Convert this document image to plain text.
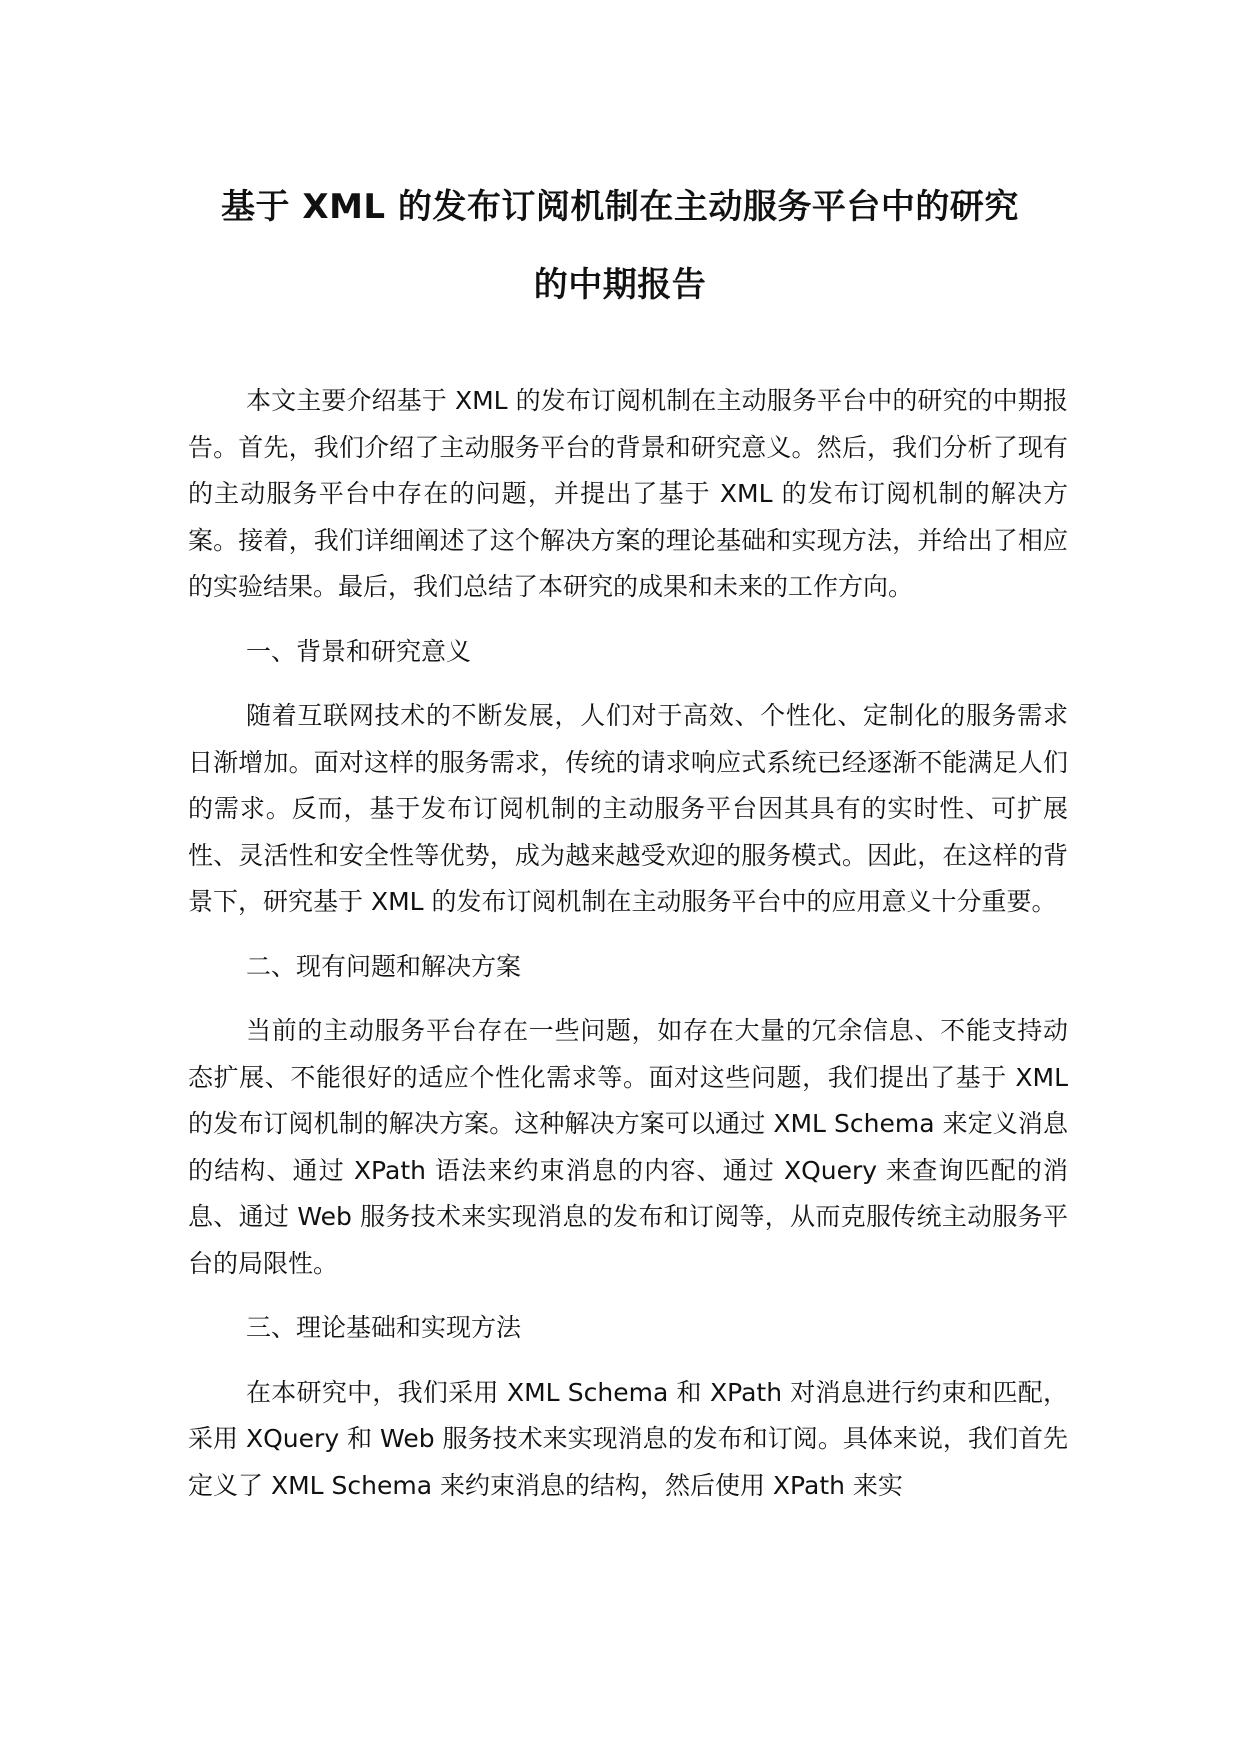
基于 XML 的发布订阅机制在主动服务平台中的研究
的中期报告

本文主要介绍基于 XML 的发布订阅机制在主动服务平台中的研究的中期报告。首先，我们介绍了主动服务平台的背景和研究意义。然后，我们分析了现有的主动服务平台中存在的问题，并提出了基于 XML 的发布订阅机制的解决方案。接着，我们详细阐述了这个解决方案的理论基础和实现方法，并给出了相应的实验结果。最后，我们总结了本研究的成果和未来的工作方向。

一、背景和研究意义

随着互联网技术的不断发展，人们对于高效、个性化、定制化的服务需求日渐增加。面对这样的服务需求，传统的请求响应式系统已经逐渐不能满足人们的需求。反而，基于发布订阅机制的主动服务平台因其具有的实时性、可扩展性、灵活性和安全性等优势，成为越来越受欢迎的服务模式。因此，在这样的背景下，研究基于 XML 的发布订阅机制在主动服务平台中的应用意义十分重要。

二、现有问题和解决方案

当前的主动服务平台存在一些问题，如存在大量的冗余信息、不能支持动态扩展、不能很好的适应个性化需求等。面对这些问题，我们提出了基于 XML 的发布订阅机制的解决方案。这种解决方案可以通过 XML Schema 来定义消息的结构、通过 XPath 语法来约束消息的内容、通过 XQuery 来查询匹配的消息、通过 Web 服务技术来实现消息的发布和订阅等，从而克服传统主动服务平台的局限性。

三、理论基础和实现方法

在本研究中，我们采用 XML Schema 和 XPath 对消息进行约束和匹配，采用 XQuery 和 Web 服务技术来实现消息的发布和订阅。具体来说，我们首先定义了 XML Schema 来约束消息的结构，然后使用 XPath 来实
